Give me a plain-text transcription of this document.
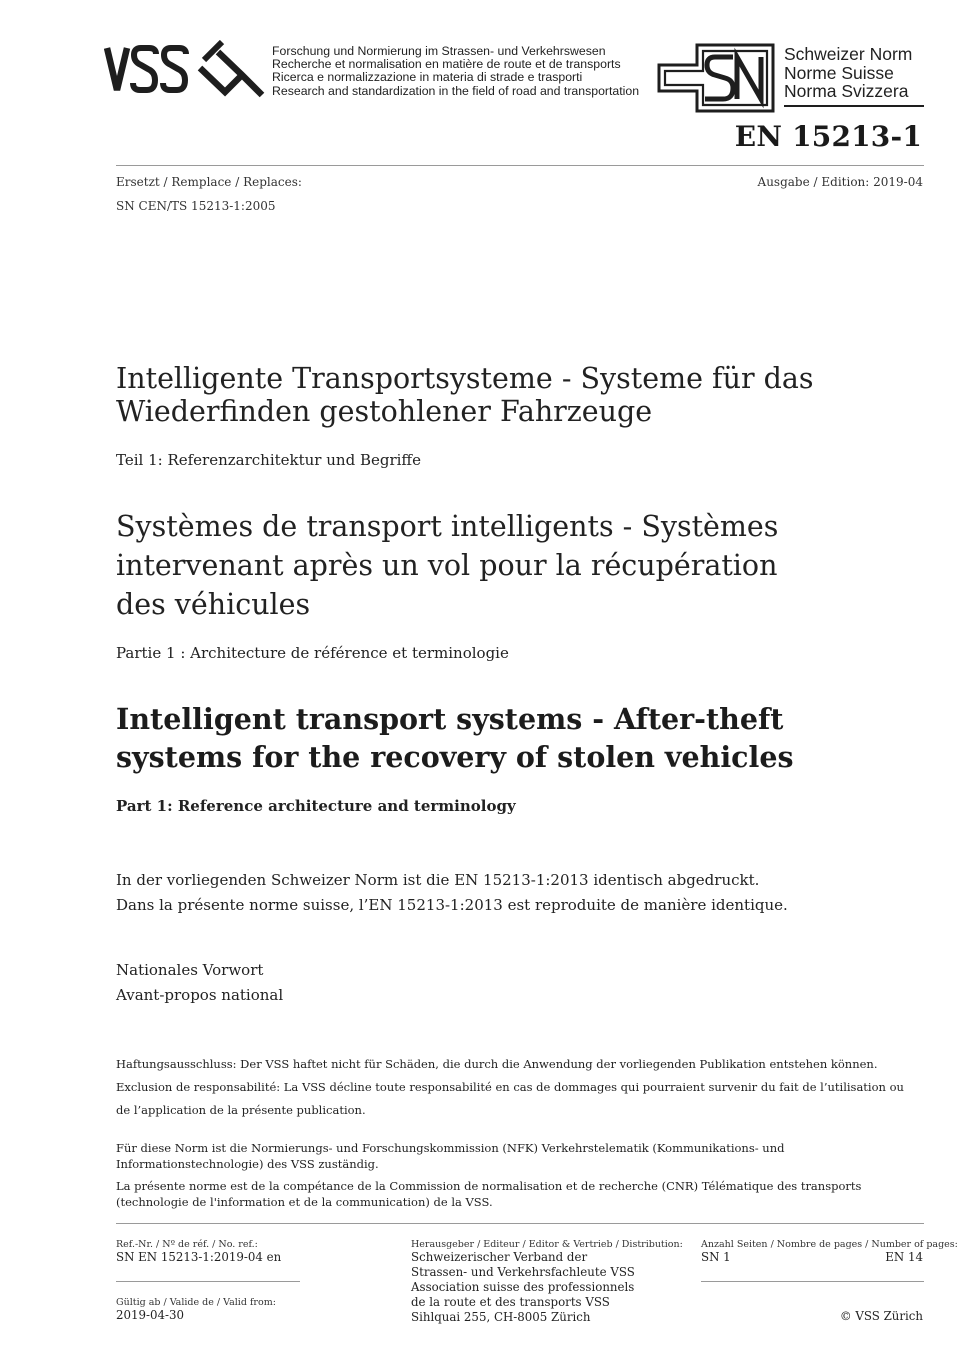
Forschung und Normierung im Strassen- und Verkehrswesen
Recherche et normalisation en matière de route et de transports
Ricerca e normalizzazione in materia di strade e trasporti
Research and standardization in the field of road and transportation
Schweizer Norm
Norme Suisse
Norma Svizzera
EN 15213-1
Ersetzt / Remplace / Replaces:
SN CEN/TS 15213-1:2005
Ausgabe / Edition: 2019-04
Intelligente Transportsysteme - Systeme für das Wiederfinden gestohlener Fahrzeuge
Teil 1: Referenzarchitektur und Begriffe
Systèmes de transport intelligents - Systèmes intervenant après un vol pour la récupération des véhicules
Partie 1 : Architecture de référence et terminologie
Intelligent transport systems - After-theft systems for the recovery of stolen vehicles
Part 1: Reference architecture and terminology
In der vorliegenden Schweizer Norm ist die EN 15213-1:2013 identisch abgedruckt.
Dans la présente norme suisse, l’EN 15213-1:2013 est reproduite de manière identique.
Nationales Vorwort
Avant-propos national
Haftungsausschluss: Der VSS haftet nicht für Schäden, die durch die Anwendung der vorliegenden Publikation entstehen können.
Exclusion de responsabilité: La VSS décline toute responsabilité en cas de dommages qui pourraient survenir du fait de l’utilisation ou
de l’application de la présente publication.
Für diese Norm ist die Normierungs- und Forschungskommission (NFK) Verkehrstelematik (Kommunikations- und Informationstechnologie) des VSS zuständig.
La présente norme est de la compétance de la Commission de normalisation et de recherche (CNR) Télématique des transports (technologie de l'information et de la communication) de la VSS.
Ref.-Nr. / Nº de réf. / No. ref.:
SN EN 15213-1:2019-04 en
Gültig ab / Valide de / Valid from:
2019-04-30
Herausgeber / Editeur / Editor & Vertrieb / Distribution:
Schweizerischer Verband der
Strassen- und Verkehrsfachleute VSS
Association suisse des professionnels
de la route et des transports VSS
Sihlquai 255, CH-8005 Zürich
Anzahl Seiten / Nombre de pages / Number of pages:
SN 1	EN 14
© VSS Zürich
